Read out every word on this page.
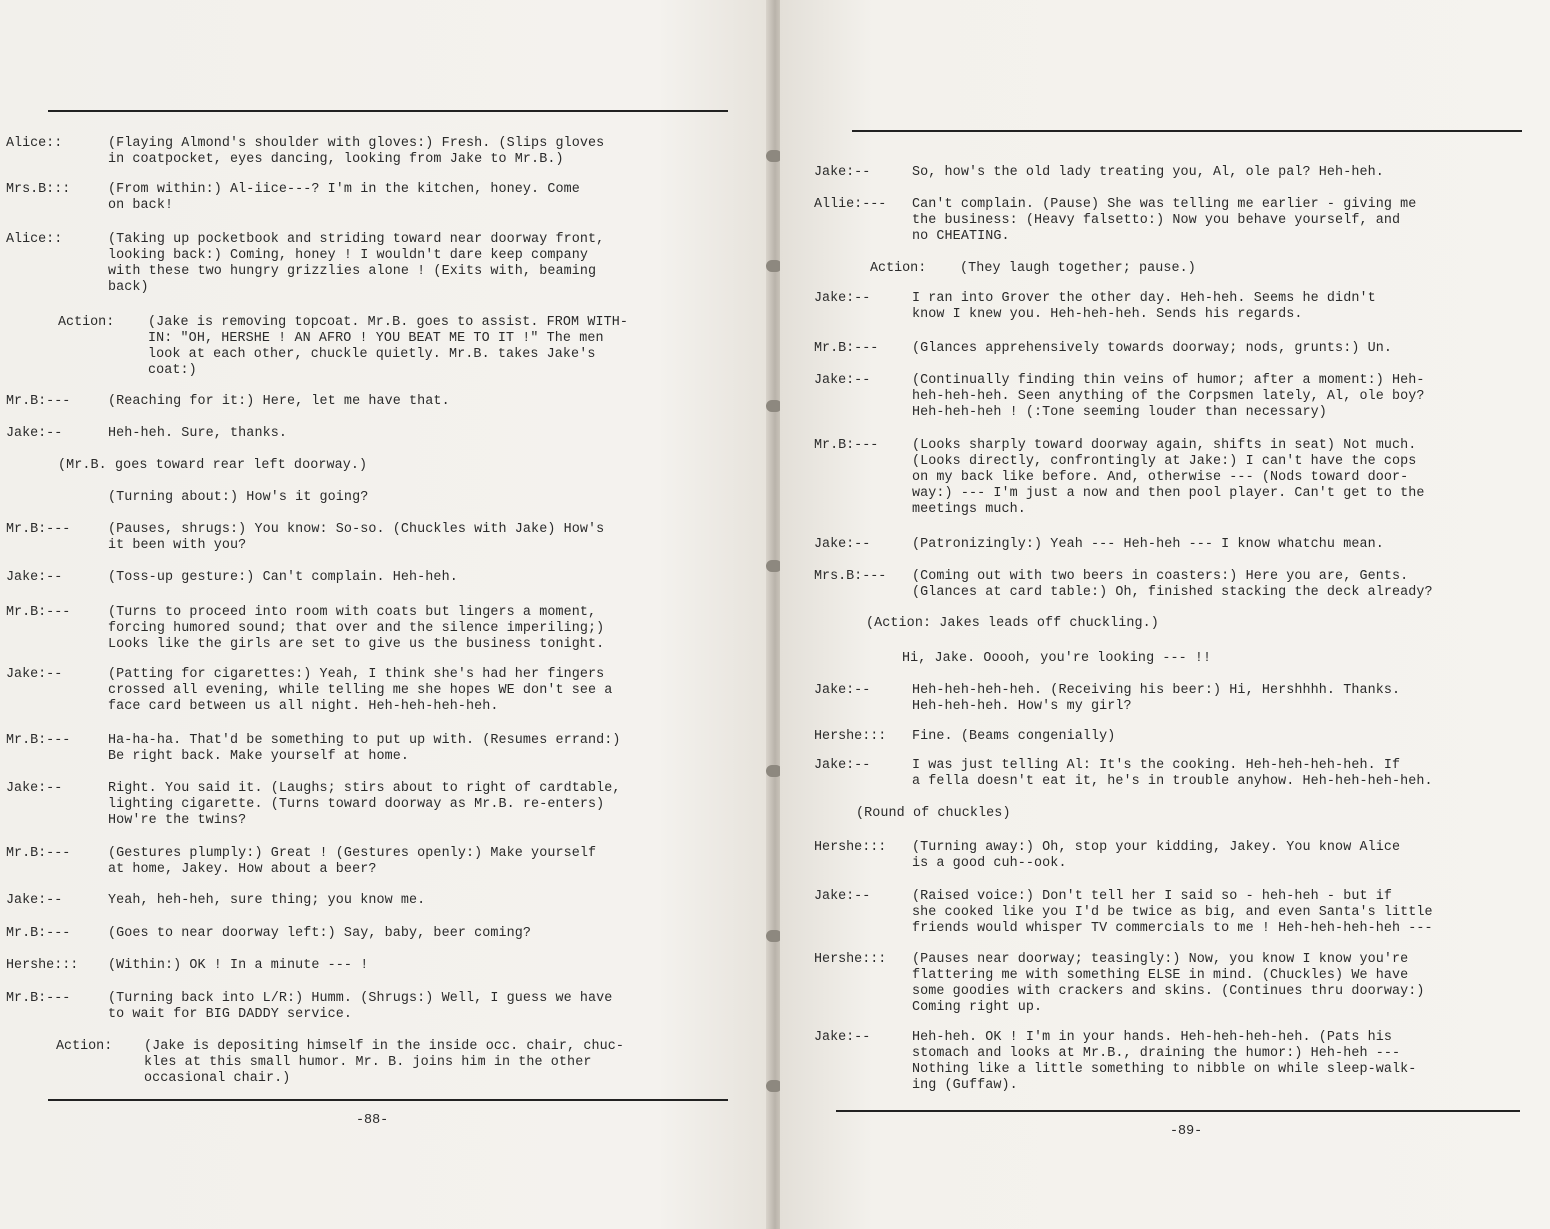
Alice::	(Flaying Almond's shoulder with gloves:) Fresh. (Slips gloves
in coatpocket, eyes dancing, looking from Jake to Mr.B.)
Mrs.B:::	(From within:) Al-iice---? I'm in the kitchen, honey. Come
on back!
Alice::	(Taking up pocketbook and striding toward near doorway front,
looking back:) Coming, honey ! I wouldn't dare keep company
with these two hungry grizzlies alone ! (Exits with, beaming
back)
Action:	(Jake is removing topcoat. Mr.B. goes to assist. FROM WITH-
IN: "OH, HERSHE ! AN AFRO ! YOU BEAT ME TO IT !" The men
look at each other, chuckle quietly. Mr.B. takes Jake's
coat:)
Mr.B:---	(Reaching for it:) Here, let me have that.
Jake:--	Heh-heh. Sure, thanks.
(Mr.B. goes toward rear left doorway.)
(Turning about:) How's it going?
Mr.B:---	(Pauses, shrugs:) You know: So-so. (Chuckles with Jake) How's
it been with you?
Jake:--	(Toss-up gesture:) Can't complain. Heh-heh.
Mr.B:---	(Turns to proceed into room with coats but lingers a moment,
forcing humored sound; that over and the silence imperiling;)
Looks like the girls are set to give us the business tonight.
Jake:--	(Patting for cigarettes:) Yeah, I think she's had her fingers
crossed all evening, while telling me she hopes WE don't see a
face card between us all night. Heh-heh-heh-heh.
Mr.B:---	Ha-ha-ha. That'd be something to put up with. (Resumes errand:)
Be right back. Make yourself at home.
Jake:--	Right. You said it. (Laughs; stirs about to right of cardtable,
lighting cigarette. (Turns toward doorway as Mr.B. re-enters)
How're the twins?
Mr.B:---	(Gestures plumply:) Great ! (Gestures openly:) Make yourself
at home, Jakey. How about a beer?
Jake:--	Yeah, heh-heh, sure thing; you know me.
Mr.B:---	(Goes to near doorway left:) Say, baby, beer coming?
Hershe::: (Within:) OK ! In a minute --- !
Mr.B:---	(Turning back into L/R:) Humm. (Shrugs:) Well, I guess we have
to wait for BIG DADDY service.
Action: (Jake is depositing himself in the inside occ. chair, chuc-
kles at this small humor. Mr. B. joins him in the other
occasional chair.)
-88-
Jake:--	So, how's the old lady treating you, Al, ole pal? Heh-heh.
Allie:--- Can't complain. (Pause) She was telling me earlier - giving me
the business: (Heavy falsetto:) Now you behave yourself, and
no CHEATING.
Action:	(They laugh together; pause.)
Jake:--	I ran into Grover the other day. Heh-heh. Seems he didn't
know I knew you. Heh-heh-heh. Sends his regards.
Mr.B:---	(Glances apprehensively towards doorway; nods, grunts:) Un.
Jake:--	(Continually finding thin veins of humor; after a moment:) Heh-
heh-heh-heh. Seen anything of the Corpsmen lately, Al, ole boy?
Heh-heh-heh ! (:Tone seeming louder than necessary)
Mr.B:---	(Looks sharply toward doorway again, shifts in seat) Not much.
(Looks directly, confrontingly at Jake:) I can't have the cops
on my back like before. And, otherwise --- (Nods toward door-
way:) --- I'm just a now and then pool player. Can't get to the
meetings much.
Jake:--	(Patronizingly:) Yeah --- Heh-heh --- I know whatchu mean.
Mrs.B:--- (Coming out with two beers in coasters:) Here you are, Gents.
(Glances at card table:) Oh, finished stacking the deck already?
(Action: Jakes leads off chuckling.)
Hi, Jake. Ooooh, you're looking --- !!
Jake:--	Heh-heh-heh-heh. (Receiving his beer:) Hi, Hershhhh. Thanks.
Heh-heh-heh. How's my girl?
Hershe::: Fine. (Beams congenially)
Jake:--	I was just telling Al: It's the cooking. Heh-heh-heh-heh. If
a fella doesn't eat it, he's in trouble anyhow. Heh-heh-heh-heh.
(Round of chuckles)
Hershe::: (Turning away:) Oh, stop your kidding, Jakey. You know Alice
is a good cuh--ook.
Jake:--	(Raised voice:) Don't tell her I said so - heh-heh - but if
she cooked like you I'd be twice as big, and even Santa's little
friends would whisper TV commercials to me ! Heh-heh-heh-heh ---
Hershe::: (Pauses near doorway; teasingly:) Now, you know I know you're
flattering me with something ELSE in mind. (Chuckles) We have
some goodies with crackers and skins. (Continues thru doorway:)
Coming right up.
Jake:--	Heh-heh. OK ! I'm in your hands. Heh-heh-heh-heh. (Pats his
stomach and looks at Mr.B., draining the humor:) Heh-heh ---
Nothing like a little something to nibble on while sleep-walk-
ing (Guffaw).
-89-
